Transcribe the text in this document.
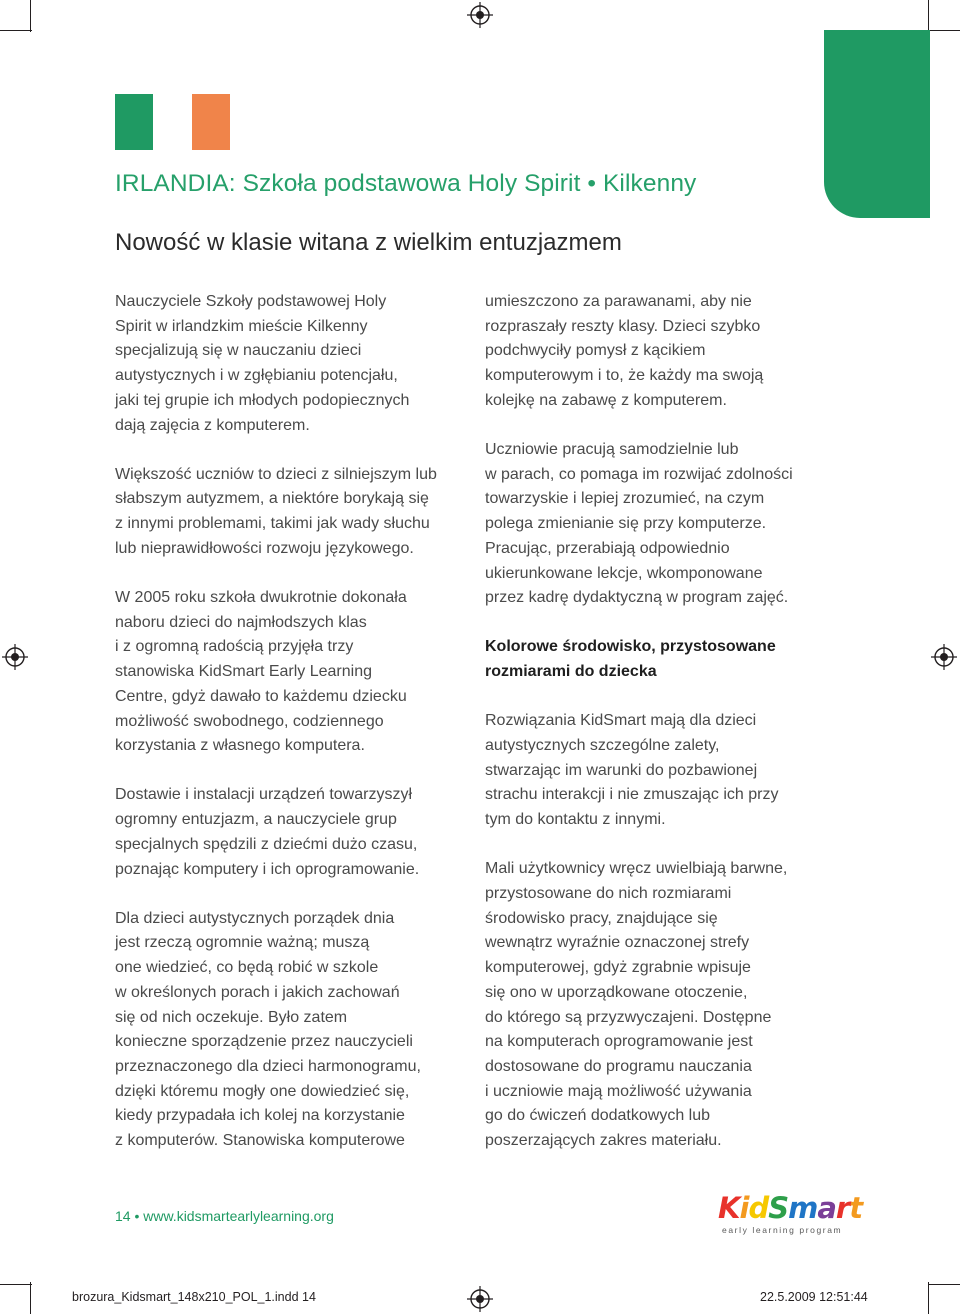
IRLANDIA: Szkoła podstawowa Holy Spirit • Kilkenny
Nowość w klasie witana z wielkim entuzjazmem

Nauczyciele Szkoły podstawowej Holy
Spirit w irlandzkim mieście Kilkenny
specjalizują się w nauczaniu dzieci
autystycznych i w zgłębianiu potencjału,
jaki tej grupie ich młodych podopiecznych
dają zajęcia z komputerem.

Większość uczniów to dzieci z silniejszym lub
słabszym autyzmem, a niektóre borykają się
z innymi problemami, takimi jak wady słuchu
lub nieprawidłowości rozwoju językowego.

W 2005 roku szkoła dwukrotnie dokonała
naboru dzieci do najmłodszych klas
i z ogromną radością przyjęła trzy
stanowiska KidSmart Early Learning
Centre, gdyż dawało to każdemu dziecku
możliwość swobodnego, codziennego
korzystania z własnego komputera.

Dostawie i instalacji urządzeń towarzyszył
ogromny entuzjazm, a nauczyciele grup
specjalnych spędzili z dziećmi dużo czasu,
poznając komputery i ich oprogramowanie.

Dla dzieci autystycznych porządek dnia
jest rzeczą ogromnie ważną; muszą
one wiedzieć, co będą robić w szkole
w określonych porach i jakich zachowań
się od nich oczekuje. Było zatem
konieczne sporządzenie przez nauczycieli
przeznaczonego dla dzieci harmonogramu,
dzięki któremu mogły one dowiedzieć się,
kiedy przypadała ich kolej na korzystanie
z komputerów. Stanowiska komputerowe

umieszczono za parawanami, aby nie
rozpraszały reszty klasy. Dzieci szybko
podchwyciły pomysł z kącikiem
komputerowym i to, że każdy ma swoją
kolejkę na zabawę z komputerem.

Uczniowie pracują samodzielnie lub
w parach, co pomaga im rozwijać zdolności
towarzyskie i lepiej zrozumieć, na czym
polega zmienianie się przy komputerze.
Pracując, przerabiają odpowiednio
ukierunkowane lekcje, wkomponowane
przez kadrę dydaktyczną w program zajęć.

Kolorowe środowisko, przystosowane
rozmiarami do dziecka

Rozwiązania KidSmart mają dla dzieci
autystycznych szczególne zalety,
stwarzając im warunki do pozbawionej
strachu interakcji i nie zmuszając ich przy
tym do kontaktu z innymi.

Mali użytkownicy wręcz uwielbiają barwne,
przystosowane do nich rozmiarami
środowisko pracy, znajdujące się
wewnątrz wyraźnie oznaczonej strefy
komputerowej, gdyż zgrabnie wpisuje
się ono w uporządkowane otoczenie,
do którego są przyzwyczajeni. Dostępne
na komputerach oprogramowanie jest
dostosowane do programu nauczania
i uczniowie mają możliwość używania
go do ćwiczeń dodatkowych lub
poszerzających zakres materiału.

14 • www.kidsmartearlylearning.org	KidSmart
early learning program
brozura_Kidsmart_148x210_POL_1.indd 14	22.5.2009 12:51:44
